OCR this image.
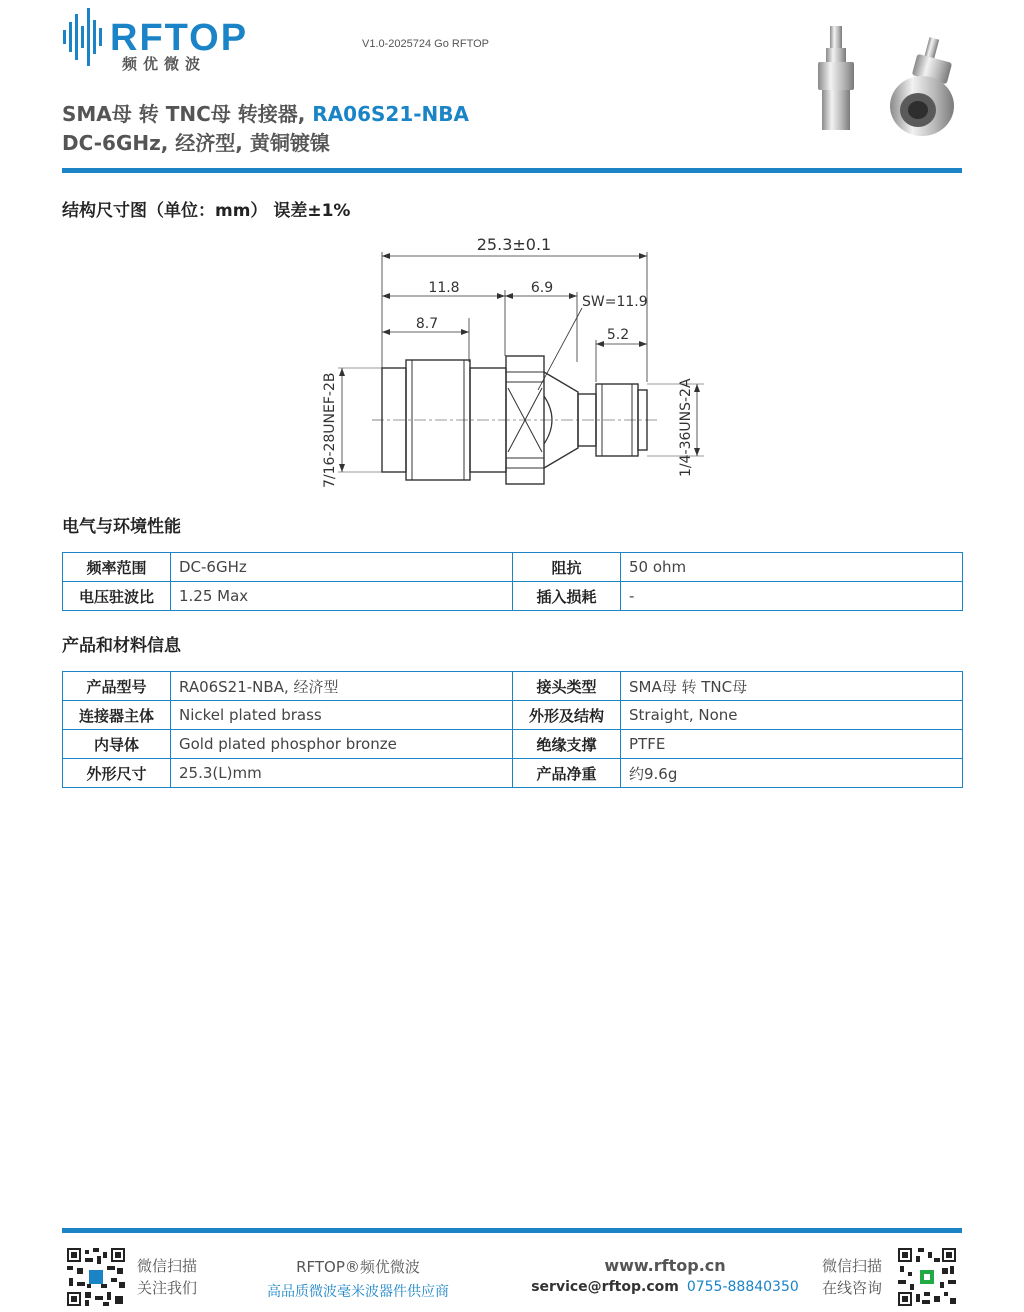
RFTOP
频优微波
V1.0-2025724 Go RFTOP
SMA母 转 TNC母 转接器, RA06S21-NBA
DC-6GHz, 经济型, 黄铜镀镍
结构尺寸图（单位：mm） 误差±1%
25.3±0.1
11.8	6.9
SW=11.9
8.7
5.2
7/16-28UNEF-2B	1/4-36UNS-2A
电气与环境性能
频率范围	DC-6GHz	阻抗	50 ohm
电压驻波比	1.25 Max	插入损耗	-
产品和材料信息
产品型号	RA06S21-NBA, 经济型	接头类型	SMA母 转 TNC母
连接器主体	Nickel plated brass	外形及结构	Straight, None
内导体	Gold plated phosphor bronze	绝缘支撑	PTFE
外形尺寸	25.3(L)mm	产品净重	约9.6g
微信扫描
关注我们
RFTOP®频优微波
高品质微波毫米波器件供应商
www.rftop.cn
service@rftop.com 0755-88840350
微信扫描
在线咨询
